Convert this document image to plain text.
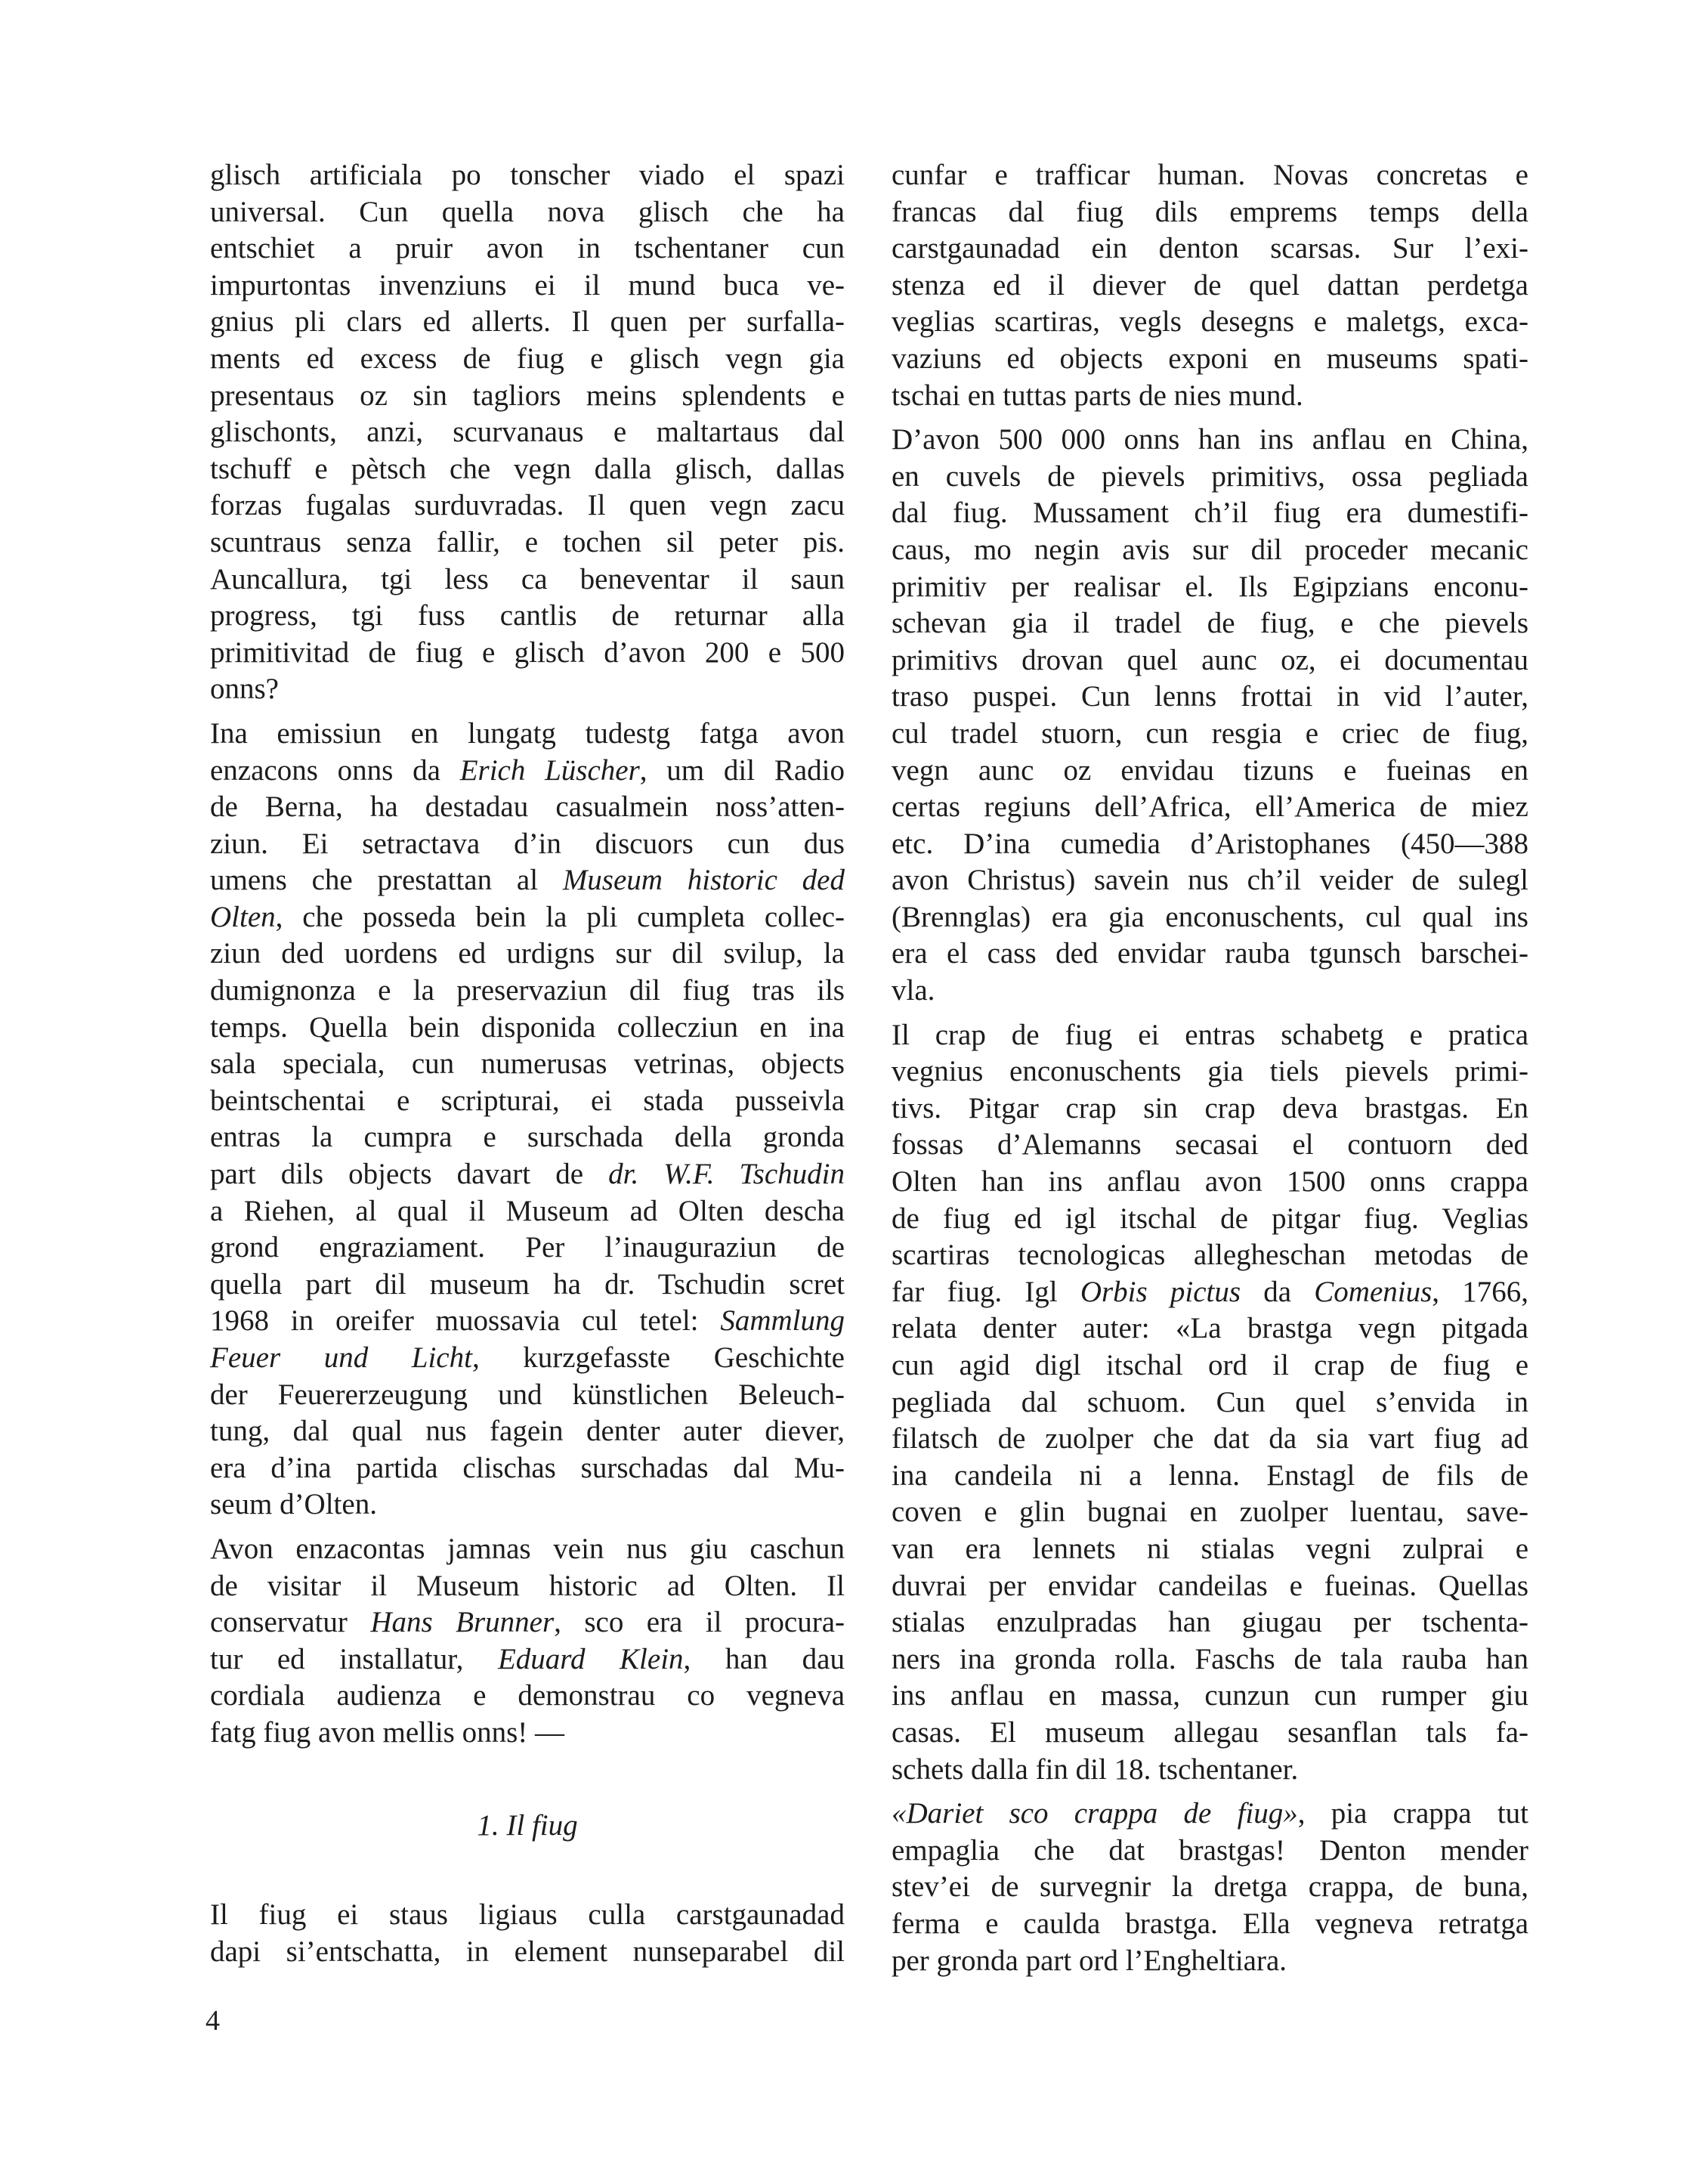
glisch artificiala po tonscher viado el spazi
universal. Cun quella nova glisch che ha
entschiet a pruir avon in tschentaner cun
impurtontas invenziuns ei il mund buca ve-
gnius pli clars ed allerts. Il quen per surfalla-
ments ed excess de fiug e glisch vegn gia
presentaus oz sin tagliors meins splendents e
glischonts, anzi, scurvanaus e maltartaus dal
tschuff e pètsch che vegn dalla glisch, dallas
forzas fugalas surduvradas. Il quen vegn zacu
scuntraus senza fallir, e tochen sil peter pis.
Auncallura, tgi less ca beneventar il saun
progress, tgi fuss cantlis de returnar alla
primitivitad de fiug e glisch d’avon 200 e 500
onns?
Ina emissiun en lungatg tudestg fatga avon
enzacons onns da Erich Lüscher, um dil Radio
de Berna, ha destadau casualmein noss’atten-
ziun. Ei setractava d’in discuors cun dus
umens che prestattan al Museum historic ded
Olten, che posseda bein la pli cumpleta collec-
ziun ded uordens ed urdigns sur dil svilup, la
dumignonza e la preservaziun dil fiug tras ils
temps. Quella bein disponida collecziun en ina
sala speciala, cun numerusas vetrinas, objects
beintschentai e scripturai, ei stada pusseivla
entras la cumpra e surschada della gronda
part dils objects davart de dr. W.F. Tschudin
a Riehen, al qual il Museum ad Olten descha
grond engraziament. Per l’inauguraziun de
quella part dil museum ha dr. Tschudin scret
1968 in oreifer muossavia cul tetel: Sammlung
Feuer und Licht, kurzgefasste Geschichte
der Feuererzeugung und künstlichen Beleuch-
tung, dal qual nus fagein denter auter diever,
era d’ina partida clischas surschadas dal Mu-
seum d’Olten.
Avon enzacontas jamnas vein nus giu caschun
de visitar il Museum historic ad Olten. Il
conservatur Hans Brunner, sco era il procura-
tur ed installatur, Eduard Klein, han dau
cordiala audienza e demonstrau co vegneva
fatg fiug avon mellis onns! —
1. Il fiug
Il fiug ei staus ligiaus culla carstgaunadad
dapi si’entschatta, in element nunseparabel dil
cunfar e trafficar human. Novas concretas e
francas dal fiug dils emprems temps della
carstgaunadad ein denton scarsas. Sur l’exi-
stenza ed il diever de quel dattan perdetga
veglias scartiras, vegls desegns e maletgs, exca-
vaziuns ed objects exponi en museums spati-
tschai en tuttas parts de nies mund.
D’avon 500 000 onns han ins anflau en China,
en cuvels de pievels primitivs, ossa pegliada
dal fiug. Mussament ch’il fiug era dumestifi-
caus, mo negin avis sur dil proceder mecanic
primitiv per realisar el. Ils Egipzians enconu-
schevan gia il tradel de fiug, e che pievels
primitivs drovan quel aunc oz, ei documentau
traso puspei. Cun lenns frottai in vid l’auter,
cul tradel stuorn, cun resgia e criec de fiug,
vegn aunc oz envidau tizuns e fueinas en
certas regiuns dell’Africa, ell’America de miez
etc. D’ina cumedia d’Aristophanes (450—388
avon Christus) savein nus ch’il veider de sulegl
(Brennglas) era gia enconuschents, cul qual ins
era el cass ded envidar rauba tgunsch barschei-
vla.
Il crap de fiug ei entras schabetg e pratica
vegnius enconuschents gia tiels pievels primi-
tivs. Pitgar crap sin crap deva brastgas. En
fossas d’Alemanns secasai el contuorn ded
Olten han ins anflau avon 1500 onns crappa
de fiug ed igl itschal de pitgar fiug. Veglias
scartiras tecnologicas allegheschan metodas de
far fiug. Igl Orbis pictus da Comenius, 1766,
relata denter auter: «La brastga vegn pitgada
cun agid digl itschal ord il crap de fiug e
pegliada dal schuom. Cun quel s’envida in
filatsch de zuolper che dat da sia vart fiug ad
ina candeila ni a lenna. Enstagl de fils de
coven e glin bugnai en zuolper luentau, save-
van era lennets ni stialas vegni zulprai e
duvrai per envidar candeilas e fueinas. Quellas
stialas enzulpradas han giugau per tschenta-
ners ina gronda rolla. Faschs de tala rauba han
ins anflau en massa, cunzun cun rumper giu
casas. El museum allegau sesanflan tals fa-
schets dalla fin dil 18. tschentaner.
«Dariet sco crappa de fiug», pia crappa tut
empaglia che dat brastgas! Denton mender
stev’ei de survegnir la dretga crappa, de buna,
ferma e caulda brastga. Ella vegneva retratga
per gronda part ord l’Engheltiara.
4
